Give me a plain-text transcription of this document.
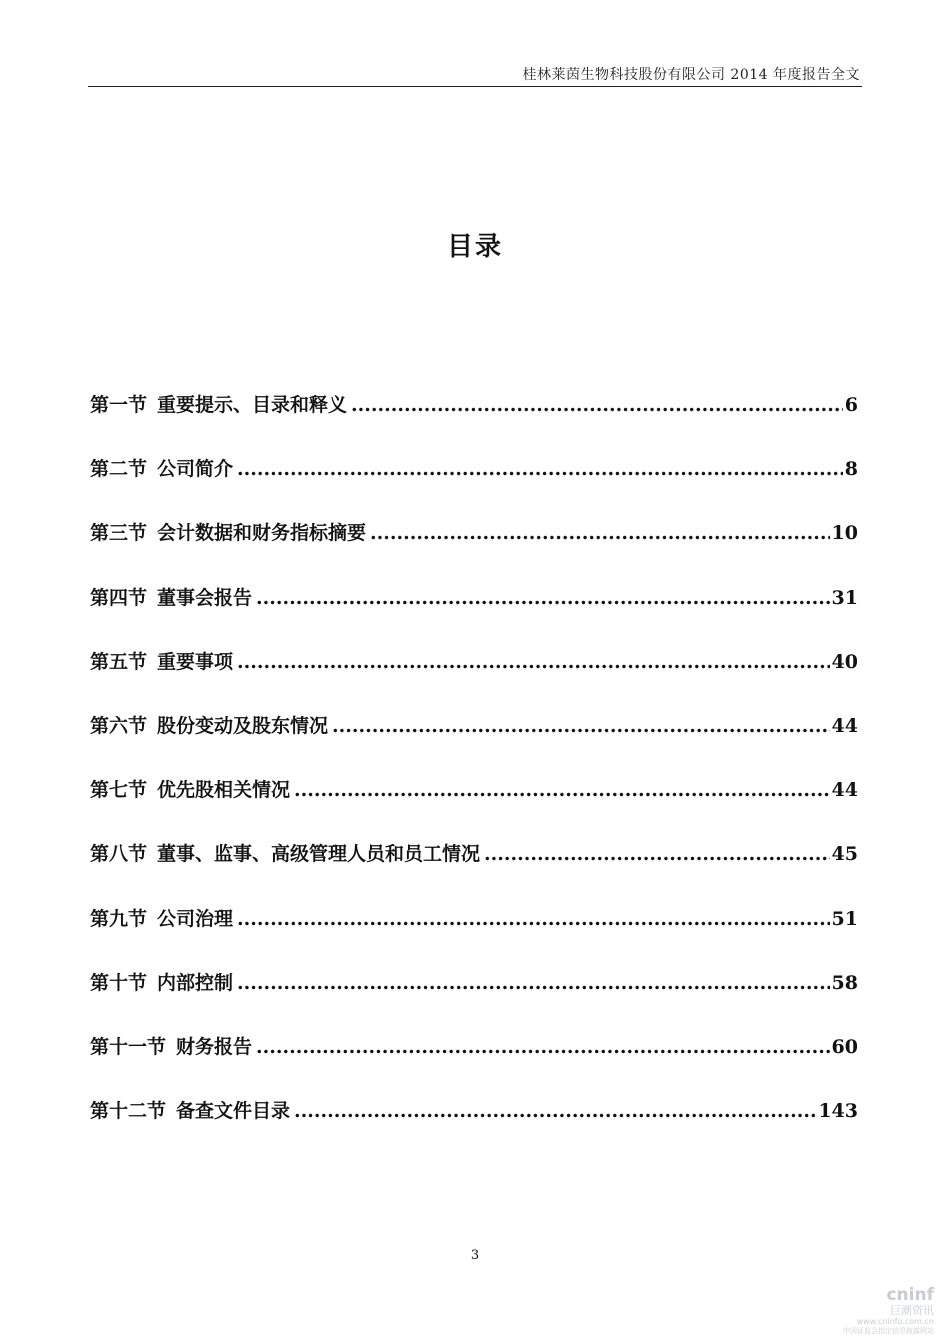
桂林莱茵生物科技股份有限公司 2014 年度报告全文
目录
第一节 重要提示、目录和释义 .....	6
第二节 公司简介 .....	8
第三节 会计数据和财务指标摘要 .....	10
第四节 董事会报告 .....	31
第五节 重要事项 .....	40
第六节 股份变动及股东情况 .....	44
第七节 优先股相关情况 .....	44
第八节 董事、监事、高级管理人员和员工情况 .....	45
第九节 公司治理 .....	51
第十节 内部控制 .....	58
第十一节 财务报告 .....	60
第十二节 备查文件目录 .....	143
3
cninf
巨潮资讯
www.cninfo.com.cn
中国证监会指定信息披露网站
